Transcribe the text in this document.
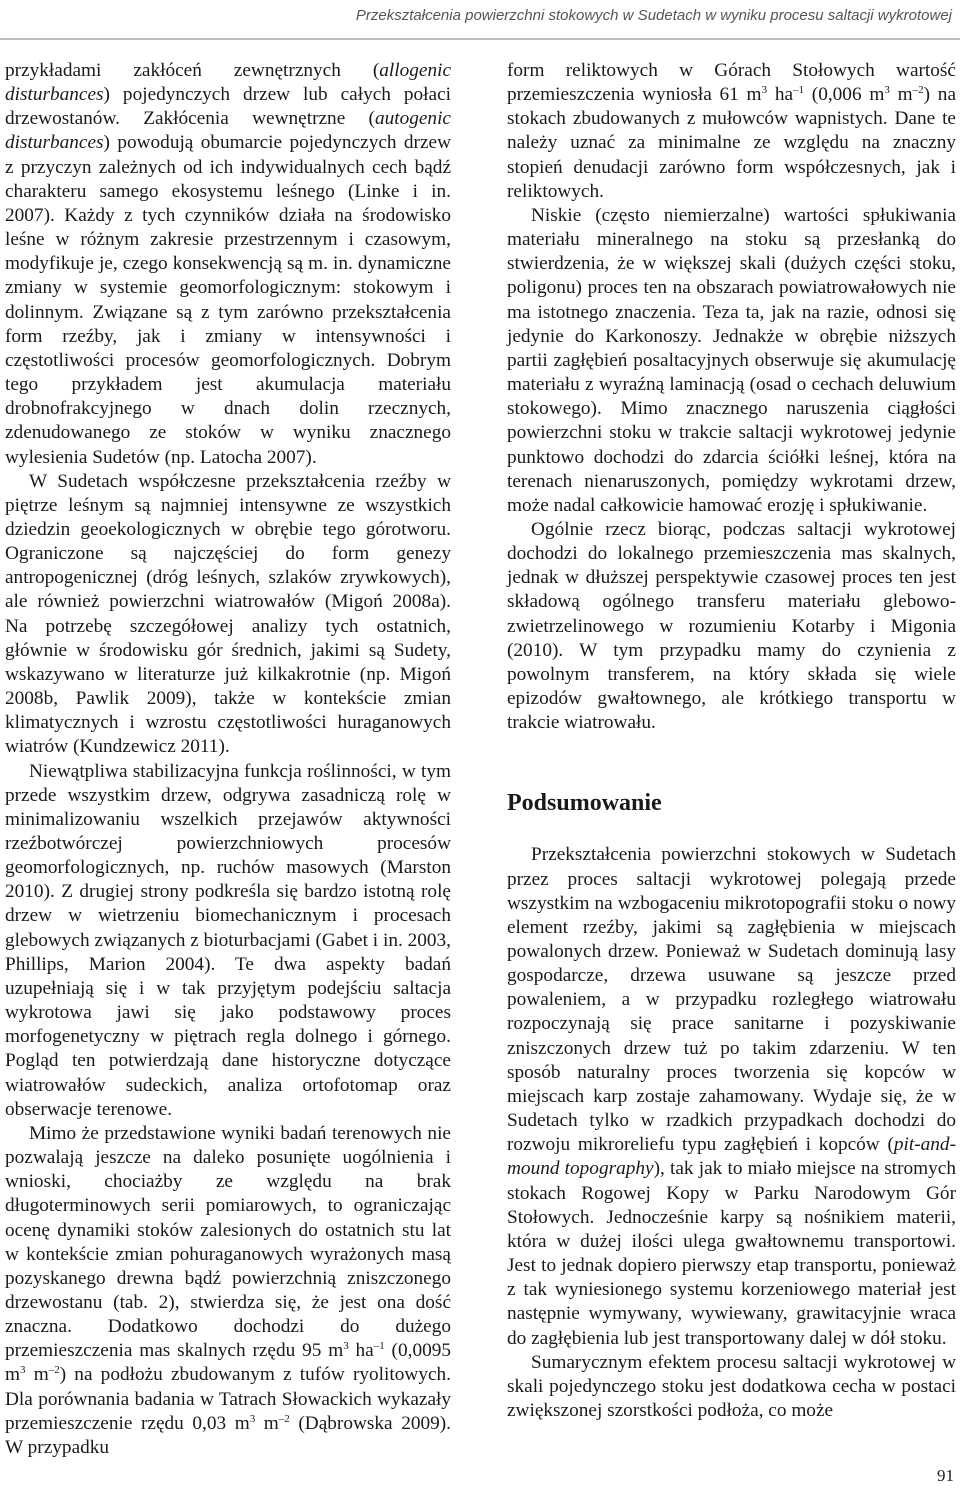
Przekształcenia powierzchni stokowych w Sudetach w wyniku procesu saltacji wykrotowej

przykładami zakłóceń zewnętrznych (allogenic disturbances) pojedynczych drzew lub całych połaci drzewostanów. Zakłócenia wewnętrzne (autogenic disturbances) powodują obumarcie pojedynczych drzew z przyczyn zależnych od ich indywidualnych cech bądź charakteru samego ekosystemu leśnego (Linke i in. 2007). Każdy z tych czynników działa na środowisko leśne w różnym zakresie przestrzennym i czasowym, modyfikuje je, czego konsekwencją są m. in. dynamiczne zmiany w systemie geomorfologicznym: stokowym i dolinnym. Związane są z tym zarówno przekształcenia form rzeźby, jak i zmiany w intensywności i częstotliwości procesów geomorfologicznych. Dobrym tego przykładem jest akumulacja materiału drobnofrakcyjnego w dnach dolin rzecznych, zdenudowanego ze stoków w wyniku znacznego wylesienia Sudetów (np. Latocha 2007).

W Sudetach współczesne przekształcenia rzeźby w piętrze leśnym są najmniej intensywne ze wszystkich dziedzin geoekologicznych w obrębie tego górotworu. Ograniczone są najczęściej do form genezy antropogenicznej (dróg leśnych, szlaków zrywkowych), ale również powierzchni wiatrowałów (Migoń 2008a). Na potrzebę szczegółowej analizy tych ostatnich, głównie w środowisku gór średnich, jakimi są Sudety, wskazywano w literaturze już kilkakrotnie (np. Migoń 2008b, Pawlik 2009), także w kontekście zmian klimatycznych i wzrostu częstotliwości huraganowych wiatrów (Kundzewicz 2011).

Niewątpliwa stabilizacyjna funkcja roślinności, w tym przede wszystkim drzew, odgrywa zasadniczą rolę w minimalizowaniu wszelkich przejawów aktywności rzeźbotwórczej powierzchniowych procesów geomorfologicznych, np. ruchów masowych (Marston 2010). Z drugiej strony podkreśla się bardzo istotną rolę drzew w wietrzeniu biomechanicznym i procesach glebowych związanych z bioturbacjami (Gabet i in. 2003, Phillips, Marion 2004). Te dwa aspekty badań uzupełniają się i w tak przyjętym podejściu saltacja wykrotowa jawi się jako podstawowy proces morfogenetyczny w piętrach regla dolnego i górnego. Pogląd ten potwierdzają dane historyczne dotyczące wiatrowałów sudeckich, analiza ortofotomap oraz obserwacje terenowe.

Mimo że przedstawione wyniki badań terenowych nie pozwalają jeszcze na daleko posunięte uogólnienia i wnioski, chociażby ze względu na brak długoterminowych serii pomiarowych, to ograniczając ocenę dynamiki stoków zalesionych do ostatnich stu lat w kontekście zmian pohuraganowych wyrażonych masą pozyskanego drewna bądź powierzchnią zniszczonego drzewostanu (tab. 2), stwierdza się, że jest ona dość znaczna. Dodatkowo dochodzi do dużego przemieszczenia mas skalnych rzędu 95 $m^3$ $ha^{-1}$ (0,0095 $m^3$ $m^{-2}$) na podłożu zbudowanym z tufów ryolitowych. Dla porównania badania w Tatrach Słowackich wykazały przemieszczenie rzędu 0,03 $m^3$ $m^{-2}$ (Dąbrowska 2009). W przypadku

form reliktowych w Górach Stołowych wartość przemieszczenia wyniosła 61 $m^3$ $ha^{-1}$ (0,006 $m^3$ $m^{-2}$) na stokach zbudowanych z mułowców wapnistych. Dane te należy uznać za minimalne ze względu na znaczny stopień denudacji zarówno form współczesnych, jak i reliktowych.

Niskie (często niemierzalne) wartości spłukiwania materiału mineralnego na stoku są przesłanką do stwierdzenia, że w większej skali (dużych części stoku, poligonu) proces ten na obszarach powiatrowałowych nie ma istotnego znaczenia. Teza ta, jak na razie, odnosi się jedynie do Karkonoszy. Jednakże w obrębie niższych partii zagłębień posaltacyjnych obserwuje się akumulację materiału z wyraźną laminacją (osad o cechach deluwium stokowego). Mimo znacznego naruszenia ciągłości powierzchni stoku w trakcie saltacji wykrotowej jedynie punktowo dochodzi do zdarcia ściółki leśnej, która na terenach nienaruszonych, pomiędzy wykrotami drzew, może nadal całkowicie hamować erozję i spłukiwanie.

Ogólnie rzecz biorąc, podczas saltacji wykrotowej dochodzi do lokalnego przemieszczenia mas skalnych, jednak w dłuższej perspektywie czasowej proces ten jest składową ogólnego transferu materiału glebowo-zwietrzelinowego w rozumieniu Kotarby i Migonia (2010). W tym przypadku mamy do czynienia z powolnym transferem, na który składa się wiele epizodów gwałtownego, ale krótkiego transportu w trakcie wiatrowału.

Podsumowanie

Przekształcenia powierzchni stokowych w Sudetach przez proces saltacji wykrotowej polegają przede wszystkim na wzbogaceniu mikrotopografii stoku o nowy element rzeźby, jakimi są zagłębienia w miejscach powalonych drzew. Ponieważ w Sudetach dominują lasy gospodarcze, drzewa usuwane są jeszcze przed powaleniem, a w przypadku rozległego wiatrowału rozpoczynają się prace sanitarne i pozyskiwanie zniszczonych drzew tuż po takim zdarzeniu. W ten sposób naturalny proces tworzenia się kopców w miejscach karp zostaje zahamowany. Wydaje się, że w Sudetach tylko w rzadkich przypadkach dochodzi do rozwoju mikroreliefu typu zagłębień i kopców (pit-and-mound topography), tak jak to miało miejsce na stromych stokach Rogowej Kopy w Parku Narodowym Gór Stołowych. Jednocześnie karpy są nośnikiem materii, która w dużej ilości ulega gwałtownemu transportowi. Jest to jednak dopiero pierwszy etap transportu, ponieważ z tak wyniesionego systemu korzeniowego materiał jest następnie wymywany, wywiewany, grawitacyjnie wraca do zagłębienia lub jest transportowany dalej w dół stoku.

Sumarycznym efektem procesu saltacji wykrotowej w skali pojedynczego stoku jest dodatkowa cecha w postaci zwiększonej szorstkości podłoża, co może

91
